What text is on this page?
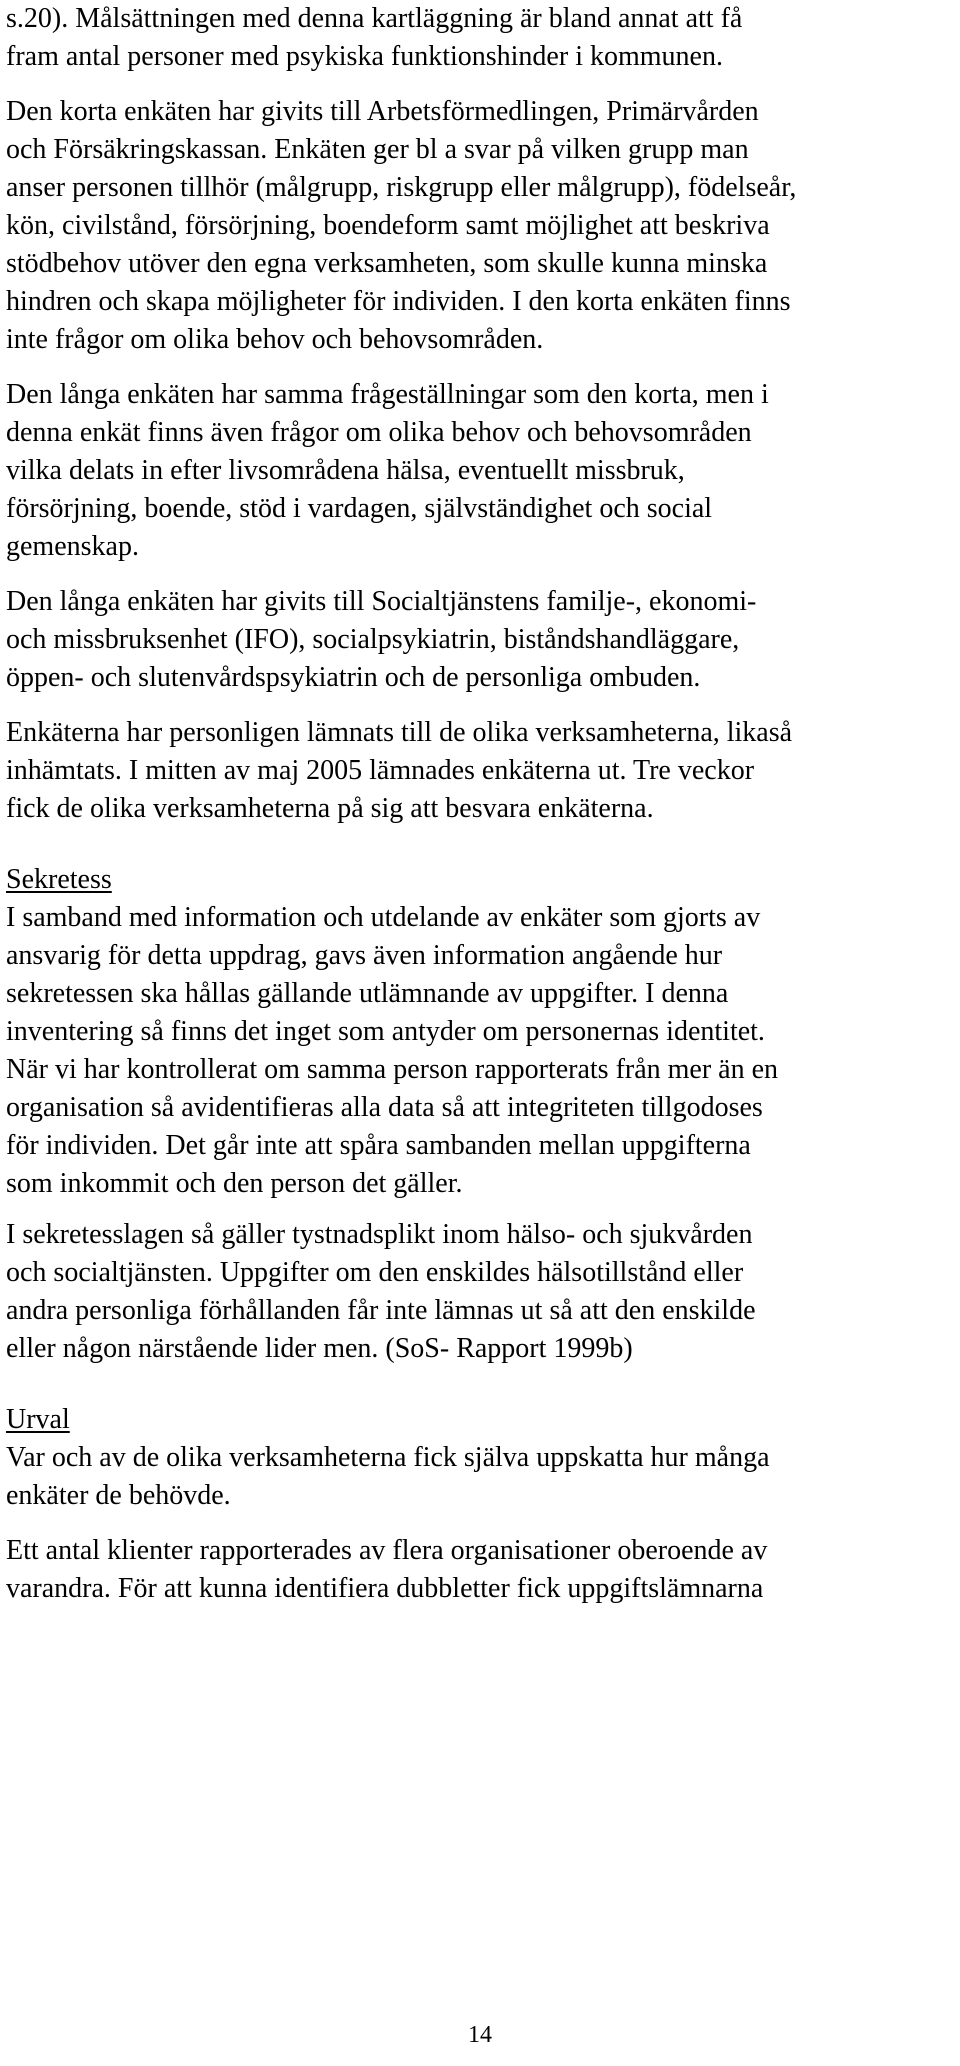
s.20). Målsättningen med denna kartläggning är bland annat att få
fram antal personer med psykiska funktionshinder i kommunen.
Den korta enkäten har givits till Arbetsförmedlingen, Primärvården
och Försäkringskassan. Enkäten ger bl a svar på vilken grupp man
anser personen tillhör (målgrupp, riskgrupp eller målgrupp), födelseår,
kön, civilstånd, försörjning, boendeform samt möjlighet att beskriva
stödbehov utöver den egna verksamheten, som skulle kunna minska
hindren och skapa möjligheter för individen. I den korta enkäten finns
inte frågor om olika behov och behovsområden.
Den långa enkäten har samma frågeställningar som den korta, men i
denna enkät finns även frågor om olika behov och behovsområden
vilka delats in efter livsområdena hälsa, eventuellt missbruk,
försörjning, boende, stöd i vardagen, självständighet och social
gemenskap.
Den långa enkäten har givits till Socialtjänstens familje-, ekonomi-
och missbruksenhet (IFO), socialpsykiatrin, biståndshandläggare,
öppen- och slutenvårdspsykiatrin och de personliga ombuden.
Enkäterna har personligen lämnats till de olika verksamheterna, likaså
inhämtats. I mitten av maj 2005 lämnades enkäterna ut. Tre veckor
fick de olika verksamheterna på sig att besvara enkäterna.
Sekretess
I samband med information och utdelande av enkäter som gjorts av
ansvarig för detta uppdrag, gavs även information angående hur
sekretessen ska hållas gällande utlämnande av uppgifter. I denna
inventering så finns det inget som antyder om personernas identitet.
När vi har kontrollerat om samma person rapporterats från mer än en
organisation så avidentifieras alla data så att integriteten tillgodoses
för individen. Det går inte att spåra sambanden mellan uppgifterna
som inkommit och den person det gäller.
I sekretesslagen så gäller tystnadsplikt inom hälso- och sjukvården
och socialtjänsten. Uppgifter om den enskildes hälsotillstånd eller
andra personliga förhållanden får inte lämnas ut så att den enskilde
eller någon närstående lider men. (SoS- Rapport 1999b)
Urval
Var och av de olika verksamheterna fick själva uppskatta hur många
enkäter de behövde.
Ett antal klienter rapporterades av flera organisationer oberoende av
varandra. För att kunna identifiera dubbletter fick uppgiftslämnarna
14
